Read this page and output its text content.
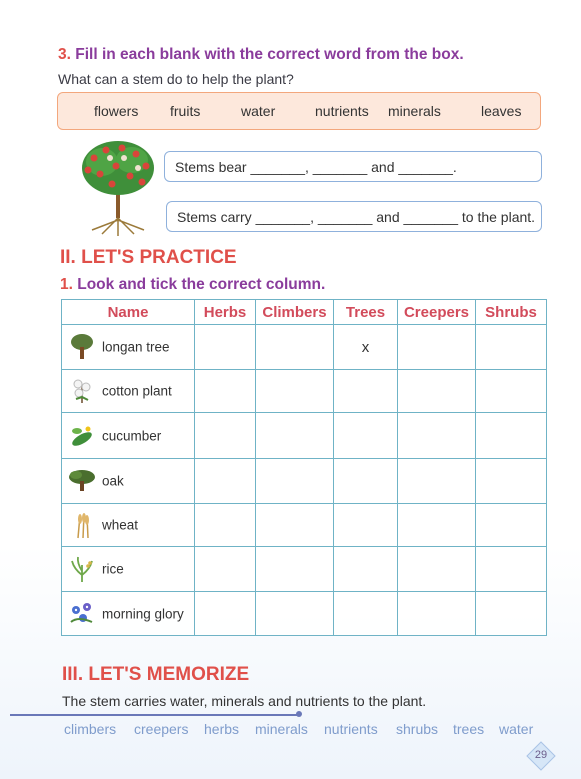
3. Fill in each blank with the correct word from the box.
What can a stem do to help the plant?
flowers fruits	water	nutrients minerals	leaves
Stems bear _______, _______ and _______.
Stems carry _______, _______ and _______ to the plant.
II. LET'S PRACTICE
1. Look and tick the correct column.
Name	Herbs	Climbers	Trees	Creepers	Shrubs

longan tree			x		

cotton plant					

cucumber					

oak					

wheat					

rice					

morning glory					
III. LET'S MEMORIZE
The stem carries water, minerals and nutrients to the plant.
climbers creepers herbs minerals nutrients shrubs trees water
29
